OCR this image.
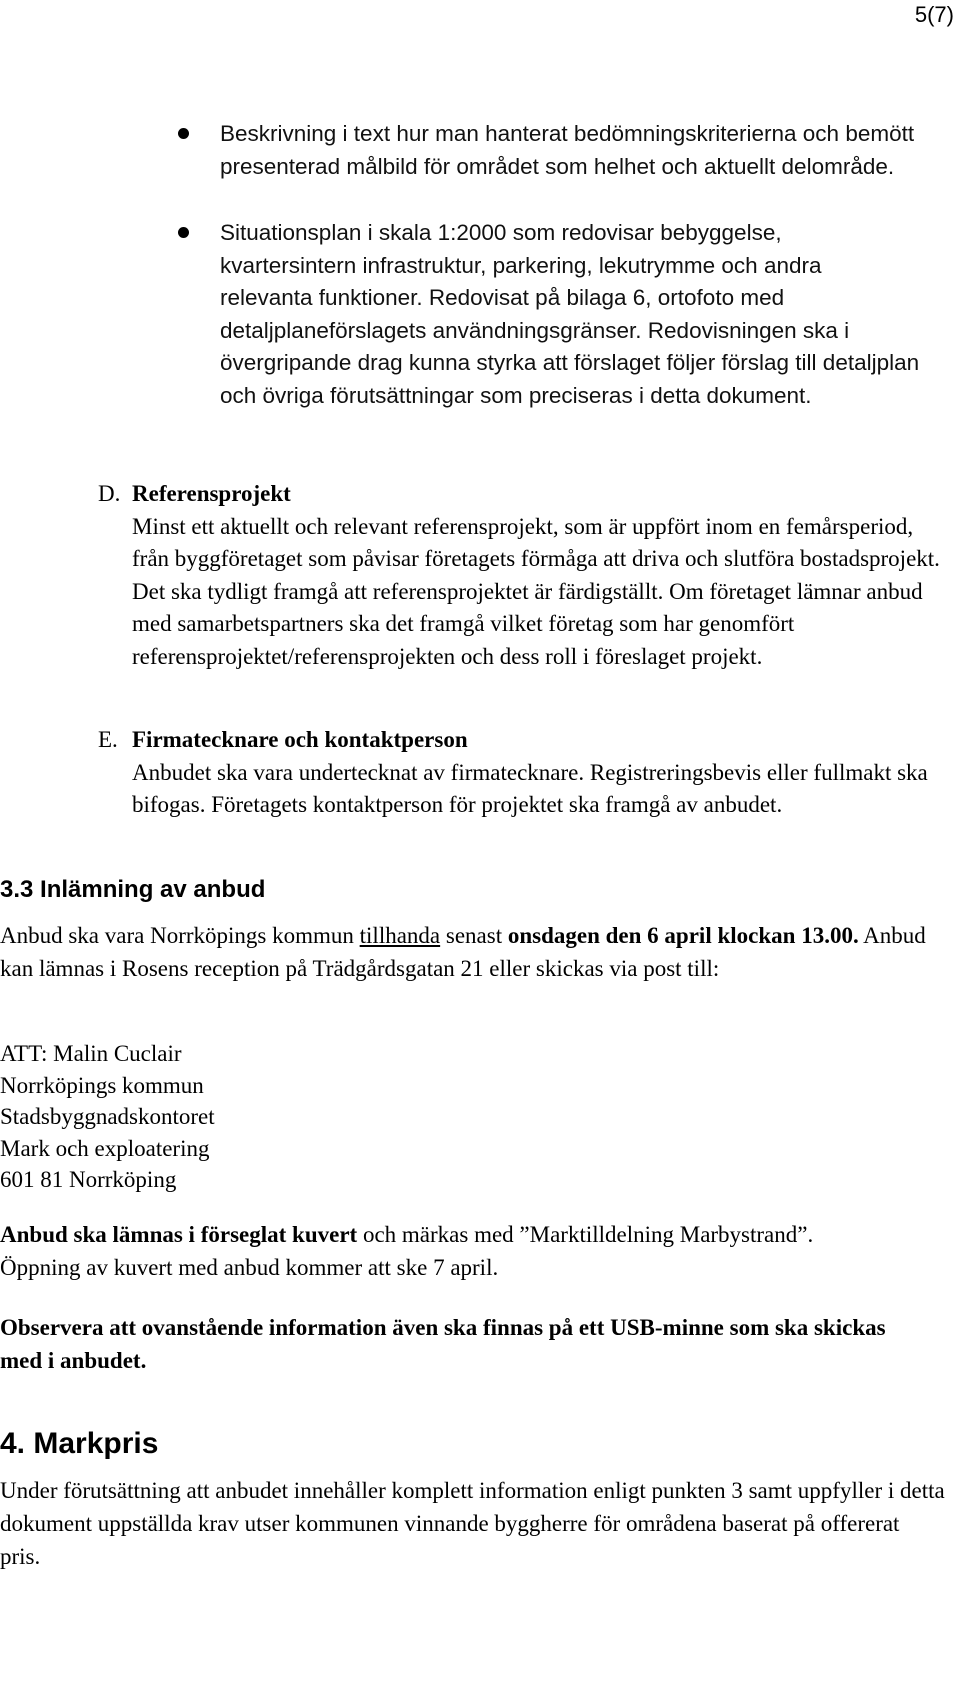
5(7)
Beskrivning i text hur man hanterat bedömningskriterierna och bemött presenterad målbild för området som helhet och aktuellt delområde.
Situationsplan i skala 1:2000 som redovisar bebyggelse, kvartersintern infrastruktur, parkering, lekutrymme och andra relevanta funktioner. Redovisat på bilaga 6, ortofoto med detaljplaneförslagets användningsgränser. Redovisningen ska i övergripande drag kunna styrka att förslaget följer förslag till detaljplan och övriga förutsättningar som preciseras i detta dokument.
D. Referensprojekt
Minst ett aktuellt och relevant referensprojekt, som är uppfört inom en femårsperiod, från byggföretaget som påvisar företagets förmåga att driva och slutföra bostadsprojekt. Det ska tydligt framgå att referensprojektet är färdigställt. Om företaget lämnar anbud med samarbetspartners ska det framgå vilket företag som har genomfört referensprojektet/referensprojekten och dess roll i föreslaget projekt.
E. Firmatecknare och kontaktperson
Anbudet ska vara undertecknat av firmatecknare. Registreringsbevis eller fullmakt ska bifogas. Företagets kontaktperson för projektet ska framgå av anbudet.
3.3 Inlämning av anbud
Anbud ska vara Norrköpings kommun tillhanda senast onsdagen den 6 april klockan 13.00. Anbud kan lämnas i Rosens reception på Trädgårdsgatan 21 eller skickas via post till:
ATT: Malin Cuclair
Norrköpings kommun
Stadsbyggnadskontoret
Mark och exploatering
601 81 Norrköping
Anbud ska lämnas i förseglat kuvert och märkas med ”Marktilldelning Marbystrand”. Öppning av kuvert med anbud kommer att ske 7 april.
Observera att ovanstående information även ska finnas på ett USB-minne som ska skickas med i anbudet.
4. Markpris
Under förutsättning att anbudet innehåller komplett information enligt punkten 3 samt uppfyller i detta dokument uppställda krav utser kommunen vinnande byggherre för områdena baserat på offererat pris.
